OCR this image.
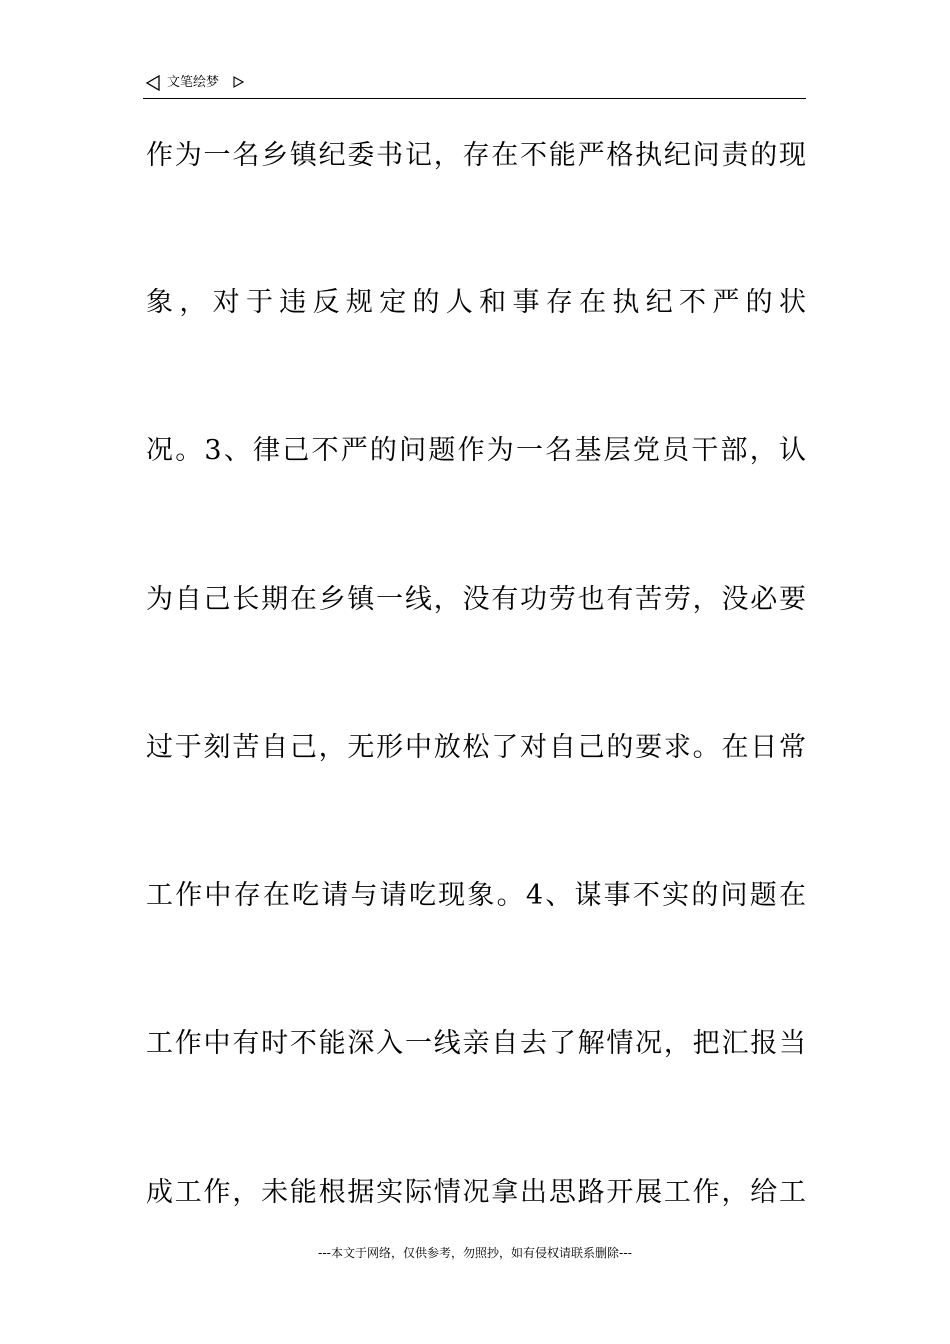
文笔绘梦
作为一名乡镇纪委书记，存在不能严格执纪问责的现
象，对于违反规定的人和事存在执纪不严的状
况。3、律己不严的问题作为一名基层党员干部，认
为自己长期在乡镇一线，没有功劳也有苦劳，没必要
过于刻苦自己，无形中放松了对自己的要求。在日常
工作中存在吃请与请吃现象。4、谋事不实的问题在
工作中有时不能深入一线亲自去了解情况，把汇报当
成工作，未能根据实际情况拿出思路开展工作，给工
---本文于网络，仅供参考，勿照抄，如有侵权请联系删除---
